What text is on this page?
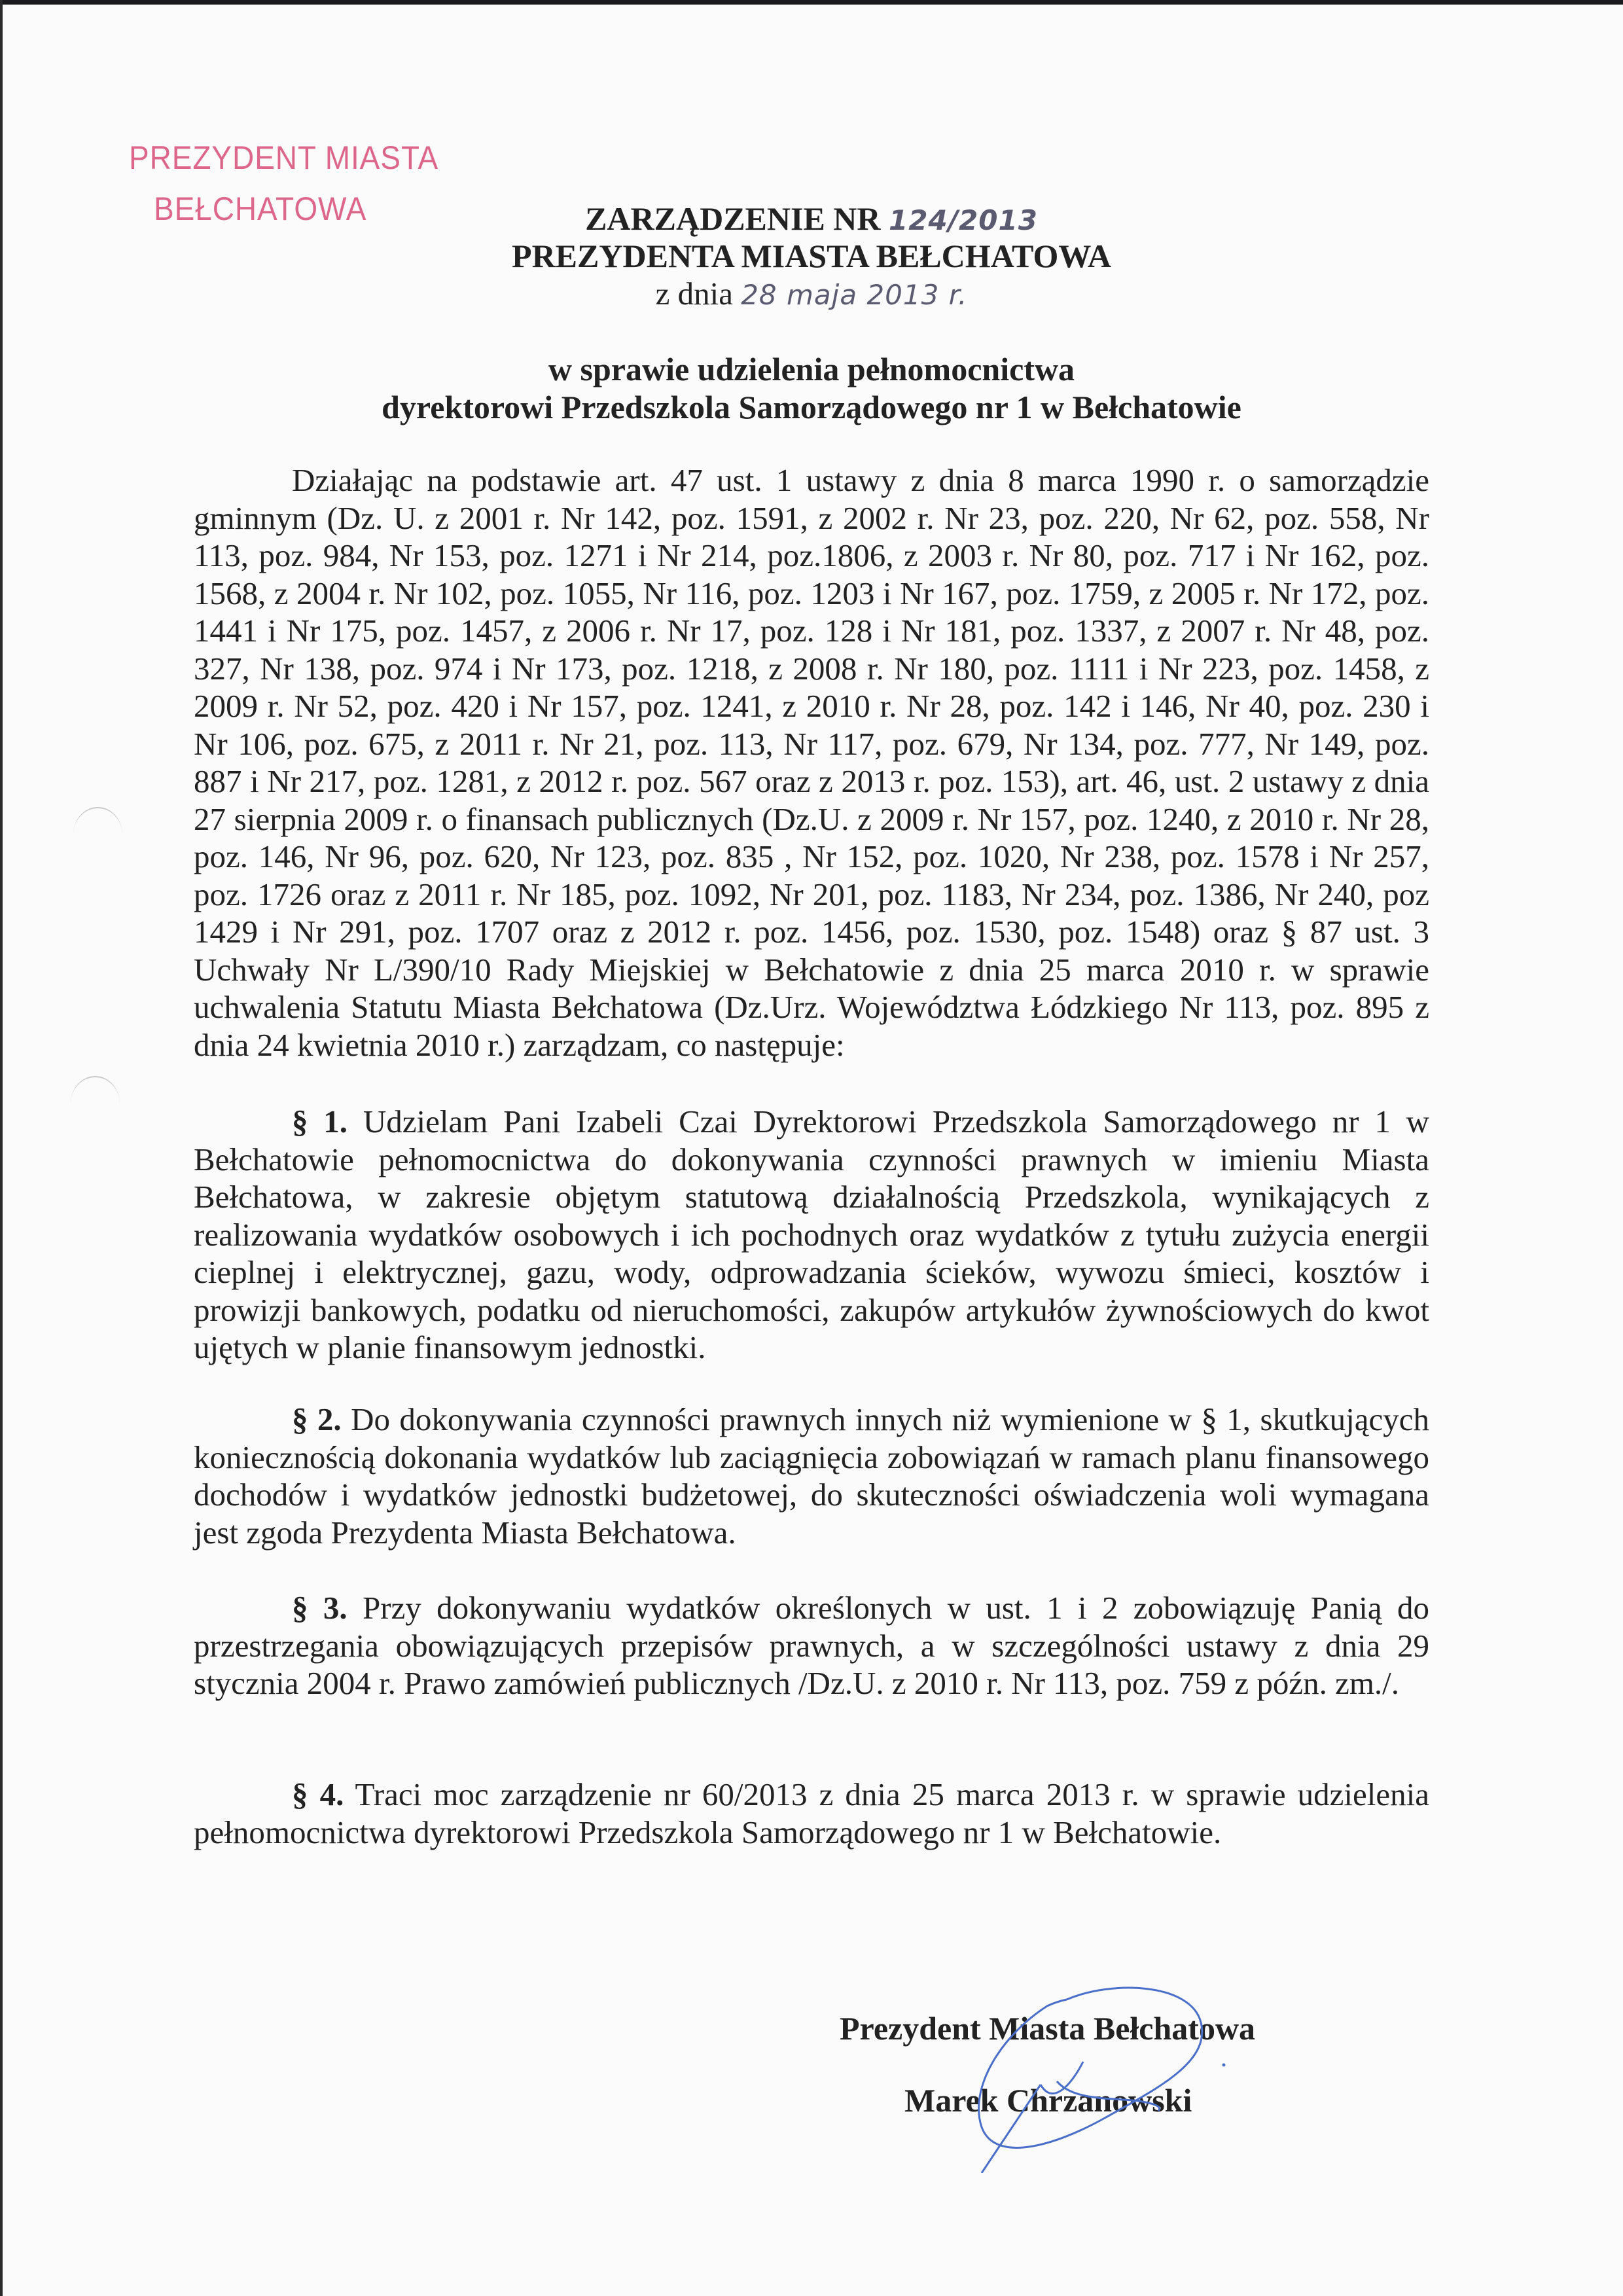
PREZYDENT MIASTA
BEŁCHATOWA	ZARZĄDZENIE NR 124/2013
PREZYDENTA MIASTA BEŁCHATOWA
z dnia 28 maja 2013 r.
w sprawie udzielenia pełnomocnictwa
dyrektorowi Przedszkola Samorządowego nr 1 w Bełchatowie
Działając na podstawie art. 47 ust. 1 ustawy z dnia 8 marca 1990 r. o samorządzie gminnym (Dz. U. z 2001 r. Nr 142, poz. 1591, z 2002 r. Nr 23, poz. 220, Nr 62, poz. 558, Nr 113, poz. 984, Nr 153, poz. 1271 i Nr 214, poz.1806, z 2003 r. Nr 80, poz. 717 i Nr 162, poz. 1568, z 2004 r. Nr 102, poz. 1055, Nr 116, poz. 1203 i Nr 167, poz. 1759, z 2005 r. Nr 172, poz. 1441 i Nr 175, poz. 1457, z 2006 r. Nr 17, poz. 128 i Nr 181, poz. 1337, z 2007 r. Nr 48, poz. 327, Nr 138, poz. 974 i Nr 173, poz. 1218, z 2008 r. Nr 180, poz. 1111 i Nr 223, poz. 1458, z 2009 r. Nr 52, poz. 420 i Nr 157, poz. 1241, z 2010 r. Nr 28, poz. 142 i 146, Nr 40, poz. 230 i Nr 106, poz. 675, z 2011 r. Nr 21, poz. 113, Nr 117, poz. 679, Nr 134, poz. 777, Nr 149, poz. 887 i Nr 217, poz. 1281, z 2012 r. poz. 567 oraz z 2013 r. poz. 153), art. 46, ust. 2 ustawy z dnia 27 sierpnia 2009 r. o finansach publicznych (Dz.U. z 2009 r. Nr 157, poz. 1240, z 2010 r. Nr 28, poz. 146, Nr 96, poz. 620, Nr 123, poz. 835 , Nr 152, poz. 1020, Nr 238, poz. 1578 i Nr 257, poz. 1726 oraz z 2011 r. Nr 185, poz. 1092, Nr 201, poz. 1183, Nr 234, poz. 1386, Nr 240, poz 1429 i Nr 291, poz. 1707 oraz z 2012 r. poz. 1456, poz. 1530, poz. 1548) oraz § 87 ust. 3 Uchwały Nr L/390/10 Rady Miejskiej w Bełchatowie z dnia 25 marca 2010 r. w sprawie uchwalenia Statutu Miasta Bełchatowa (Dz.Urz. Województwa Łódzkiego Nr 113, poz. 895 z dnia 24 kwietnia 2010 r.) zarządzam, co następuje:
§ 1. Udzielam Pani Izabeli Czai Dyrektorowi Przedszkola Samorządowego nr 1 w Bełchatowie pełnomocnictwa do dokonywania czynności prawnych w imieniu Miasta Bełchatowa, w zakresie objętym statutową działalnością Przedszkola, wynikających z realizowania wydatków osobowych i ich pochodnych oraz wydatków z tytułu zużycia energii cieplnej i elektrycznej, gazu, wody, odprowadzania ścieków, wywozu śmieci, kosztów i prowizji bankowych, podatku od nieruchomości, zakupów artykułów żywnościowych do kwot ujętych w planie finansowym jednostki.
§ 2. Do dokonywania czynności prawnych innych niż wymienione w § 1, skutkujących koniecznością dokonania wydatków lub zaciągnięcia zobowiązań w ramach planu finansowego dochodów i wydatków jednostki budżetowej, do skuteczności oświadczenia woli wymagana jest zgoda Prezydenta Miasta Bełchatowa.
§ 3. Przy dokonywaniu wydatków określonych w ust. 1 i 2 zobowiązuję Panią do przestrzegania obowiązujących przepisów prawnych, a w szczególności ustawy z dnia 29 stycznia 2004 r. Prawo zamówień publicznych /Dz.U. z 2010 r. Nr 113, poz. 759 z późn. zm./.
§ 4. Traci moc zarządzenie nr 60/2013 z dnia 25 marca 2013 r. w sprawie udzielenia pełnomocnictwa dyrektorowi Przedszkola Samorządowego nr 1 w Bełchatowie.
Prezydent Miasta Bełchatowa
Marek Chrzanowski
